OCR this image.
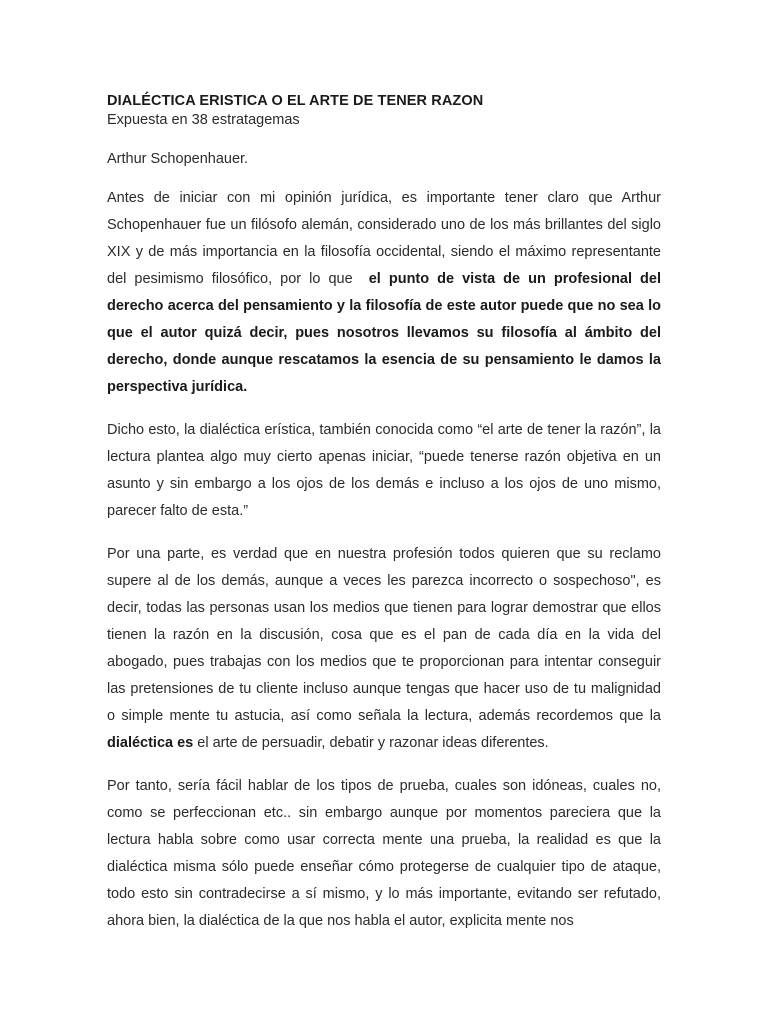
DIALÉCTICA ERISTICA O EL ARTE DE TENER RAZON

Expuesta en 38 estratagemas

Arthur Schopenhauer.

Antes de iniciar con mi opinión jurídica, es importante tener claro que Arthur Schopenhauer fue un filósofo alemán, considerado uno de los más brillantes del siglo XIX y de más importancia en la filosofía occidental, siendo el máximo representante del pesimismo filosófico, por lo que el punto de vista de un profesional del derecho acerca del pensamiento y la filosofía de este autor puede que no sea lo que el autor quizá decir, pues nosotros llevamos su filosofía al ámbito del derecho, donde aunque rescatamos la esencia de su pensamiento le damos la perspectiva jurídica.

Dicho esto, la dialéctica erística, también conocida como “el arte de tener la razón”, la lectura plantea algo muy cierto apenas iniciar, “puede tenerse razón objetiva en un asunto y sin embargo a los ojos de los demás e incluso a los ojos de uno mismo, parecer falto de esta.”

Por una parte, es verdad que en nuestra profesión todos quieren que su reclamo supere al de los demás, aunque a veces les parezca incorrecto o sospechoso", es decir, todas las personas usan los medios que tienen para lograr demostrar que ellos tienen la razón en la discusión, cosa que es el pan de cada día en la vida del abogado, pues trabajas con los medios que te proporcionan para intentar conseguir las pretensiones de tu cliente incluso aunque tengas que hacer uso de tu malignidad o simple mente tu astucia, así como señala la lectura, además recordemos que la dialéctica es el arte de persuadir, debatir y razonar ideas diferentes.

Por tanto, sería fácil hablar de los tipos de prueba, cuales son idóneas, cuales no, como se perfeccionan etc.. sin embargo aunque por momentos pareciera que la lectura habla sobre como usar correcta mente una prueba, la realidad es que la dialéctica misma sólo puede enseñar cómo protegerse de cualquier tipo de ataque, todo esto sin contradecirse a sí mismo, y lo más importante, evitando ser refutado, ahora bien, la dialéctica de la que nos habla el autor, explicita mente nos
